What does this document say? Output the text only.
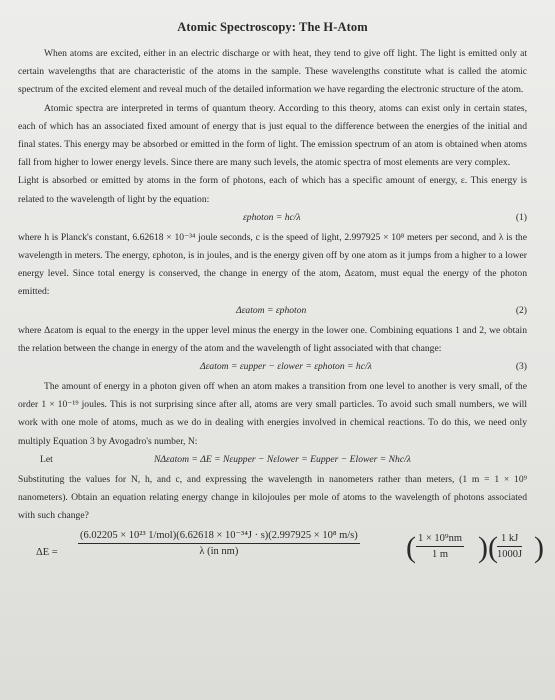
Atomic Spectroscopy: The H-Atom

When atoms are excited, either in an electric discharge or with heat, they tend to give off light. The light is emitted only at certain wavelengths that are characteristic of the atoms in the sample. These wavelengths constitute what is called the atomic spectrum of the excited element and reveal much of the detailed information we have regarding the electronic structure of the atom.

Atomic spectra are interpreted in terms of quantum theory. According to this theory, atoms can exist only in certain states, each of which has an associated fixed amount of energy that is just equal to the difference between the energies of the initial and final states. This energy may be absorbed or emitted in the form of light. The emission spectrum of an atom is obtained when atoms fall from higher to lower energy levels. Since there are many such levels, the atomic spectra of most elements are very complex.

Light is absorbed or emitted by atoms in the form of photons, each of which has a specific amount of energy, ε. This energy is related to the wavelength of light by the equation:

εphoton = hc/λ	(1)

where h is Planck's constant, 6.62618 × 10⁻³⁴ joule seconds, c is the speed of light, 2.997925 × 10⁸ meters per second, and λ is the wavelength in meters. The energy, εphoton, is in joules, and is the energy given off by one atom as it jumps from a higher to a lower energy level. Since total energy is conserved, the change in energy of the atom, Δεatom, must equal the energy of the photon emitted:

Δεatom = εphoton	(2)

where Δεatom is equal to the energy in the upper level minus the energy in the lower one. Combining equations 1 and 2, we obtain the relation between the change in energy of the atom and the wavelength of light associated with that change:

Δεatom = εupper − εlower = εphoton = hc/λ	(3)

The amount of energy in a photon given off when an atom makes a transition from one level to another is very small, of the order 1 × 10⁻¹⁹ joules. This is not surprising since after all, atoms are very small particles. To avoid such small numbers, we will work with one mole of atoms, much as we do in dealing with energies involved in chemical reactions. To do this, we need only multiply Equation 3 by Avogadro's number, N:

Let	NΔεatom = ΔE = Nεupper − Nεlower = Eupper − Elower = Nhc/λ

Substituting the values for N, h, and c, and expressing the wavelength in nanometers rather than meters, (1 m = 1 × 10⁹ nanometers). Obtain an equation relating energy change in kilojoules per mole of atoms to the wavelength of photons associated with such change?

ΔE =
(6.02205 × 10²³ 1/mol)(6.62618 × 10⁻³⁴J · s)(2.997925 × 10⁸ m/s)
λ (in nm)	( 1 × 10⁹nm
1 m ) ( 1 kJ
1000J )
